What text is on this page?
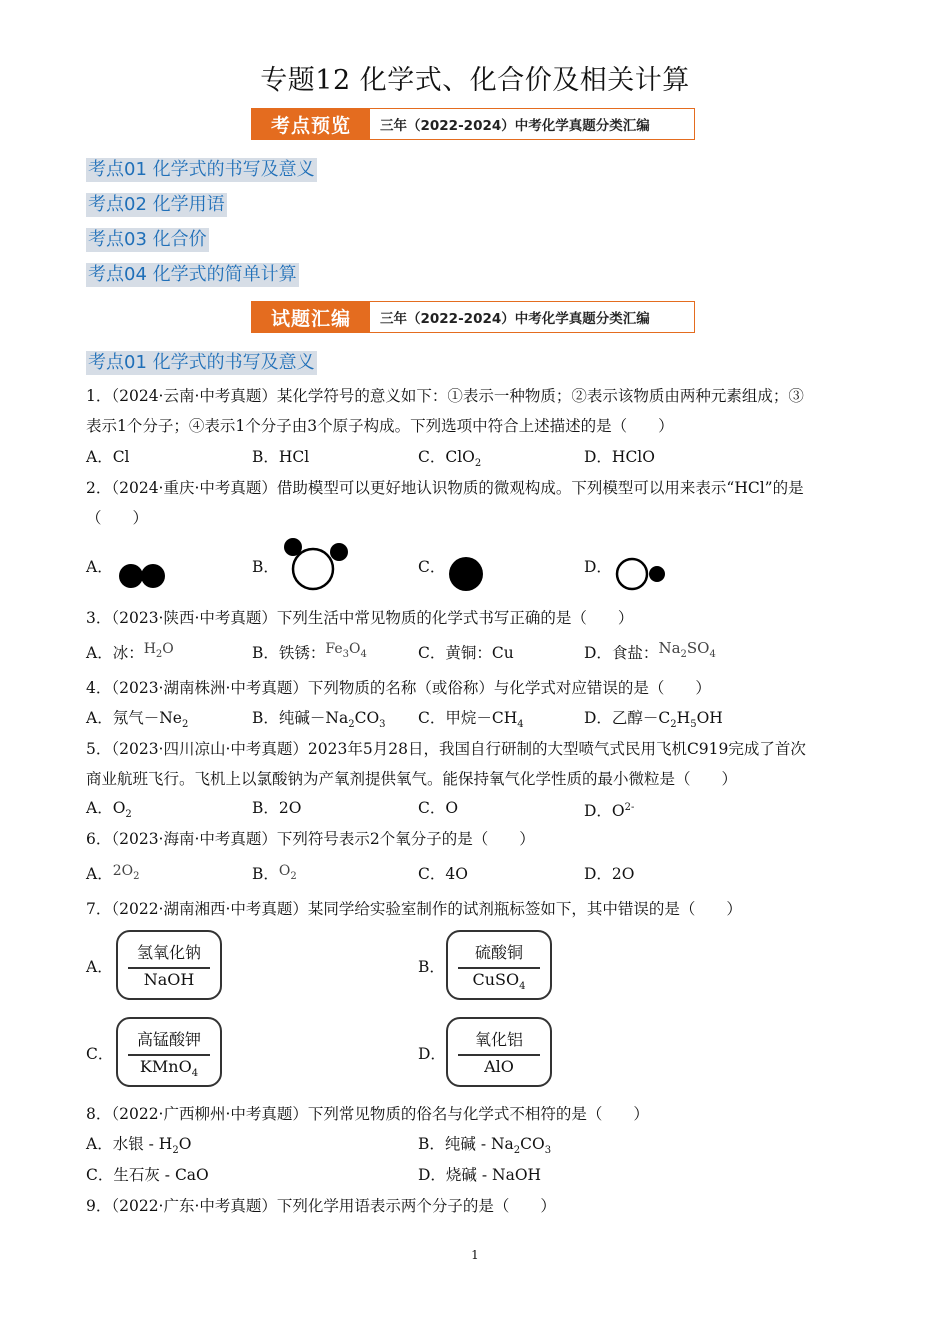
专题12 化学式、化合价及相关计算
考点预览	三年（2022-2024）中考化学真题分类汇编
考点01 化学式的书写及意义
考点02 化学用语
考点03 化合价
考点04 化学式的简单计算
试题汇编	三年（2022-2024）中考化学真题分类汇编
考点01 化学式的书写及意义
1．（2024·云南·中考真题）某化学符号的意义如下：①表示一种物质；②表示该物质由两种元素组成；③
表示1个分子；④表示1个分子由3个原子构成。下列选项中符合上述描述的是（　　）
A．Cl	B．HCl	C．ClO$_2$	D．HClO
2．（2024·重庆·中考真题）借助模型可以更好地认识物质的微观构成。下列模型可以用来表示“HCl”的是
（　　）
A．	B．	C．	D．
3．（2023·陕西·中考真题）下列生活中常见物质的化学式书写正确的是（　　）
A．冰：$H_2O$	B．铁锈：$Fe_3O_4$	C．黄铜：Cu	D．食盐：$Na_2SO_4$
4．（2023·湖南株洲·中考真题）下列物质的名称（或俗称）与化学式对应错误的是（　　）
A．氖气$-Ne_2$	B．纯碱$-Na_2CO_3$ C．甲烷$-CH_4$	D．乙醇$-C_2H_5OH$
5．（2023·四川凉山·中考真题）2023年5月28日，我国自行研制的大型喷气式民用飞机C919完成了首次
商业航班飞行。飞机上以氯酸钠为产氧剂提供氧气。能保持氧气化学性质的最小微粒是（　　）
A．$O_2$	B．2O	C．O	D．$O^{2-}$
6．（2023·海南·中考真题）下列符号表示2个氧分子的是（　　）
A．$2O_2$	B．$O_2$	C．4O	D．2O
7．（2022·湖南湘西·中考真题）某同学给实验室制作的试剂瓶标签如下，其中错误的是（　　）
A．
氢氧化钠
NaOH
B．
硫酸铜
CuSO$_4$
C．
高锰酸钾
KMnO$_4$
D．
氧化铝
AlO
8．（2022·广西柳州·中考真题）下列常见物质的俗名与化学式不相符的是（　　）
A．水银 - $H_2O$	B．纯碱 - $Na_2CO_3$
C．生石灰 - CaO	D．烧碱 - NaOH
9．（2022·广东·中考真题）下列化学用语表示两个分子的是（　　）
1
